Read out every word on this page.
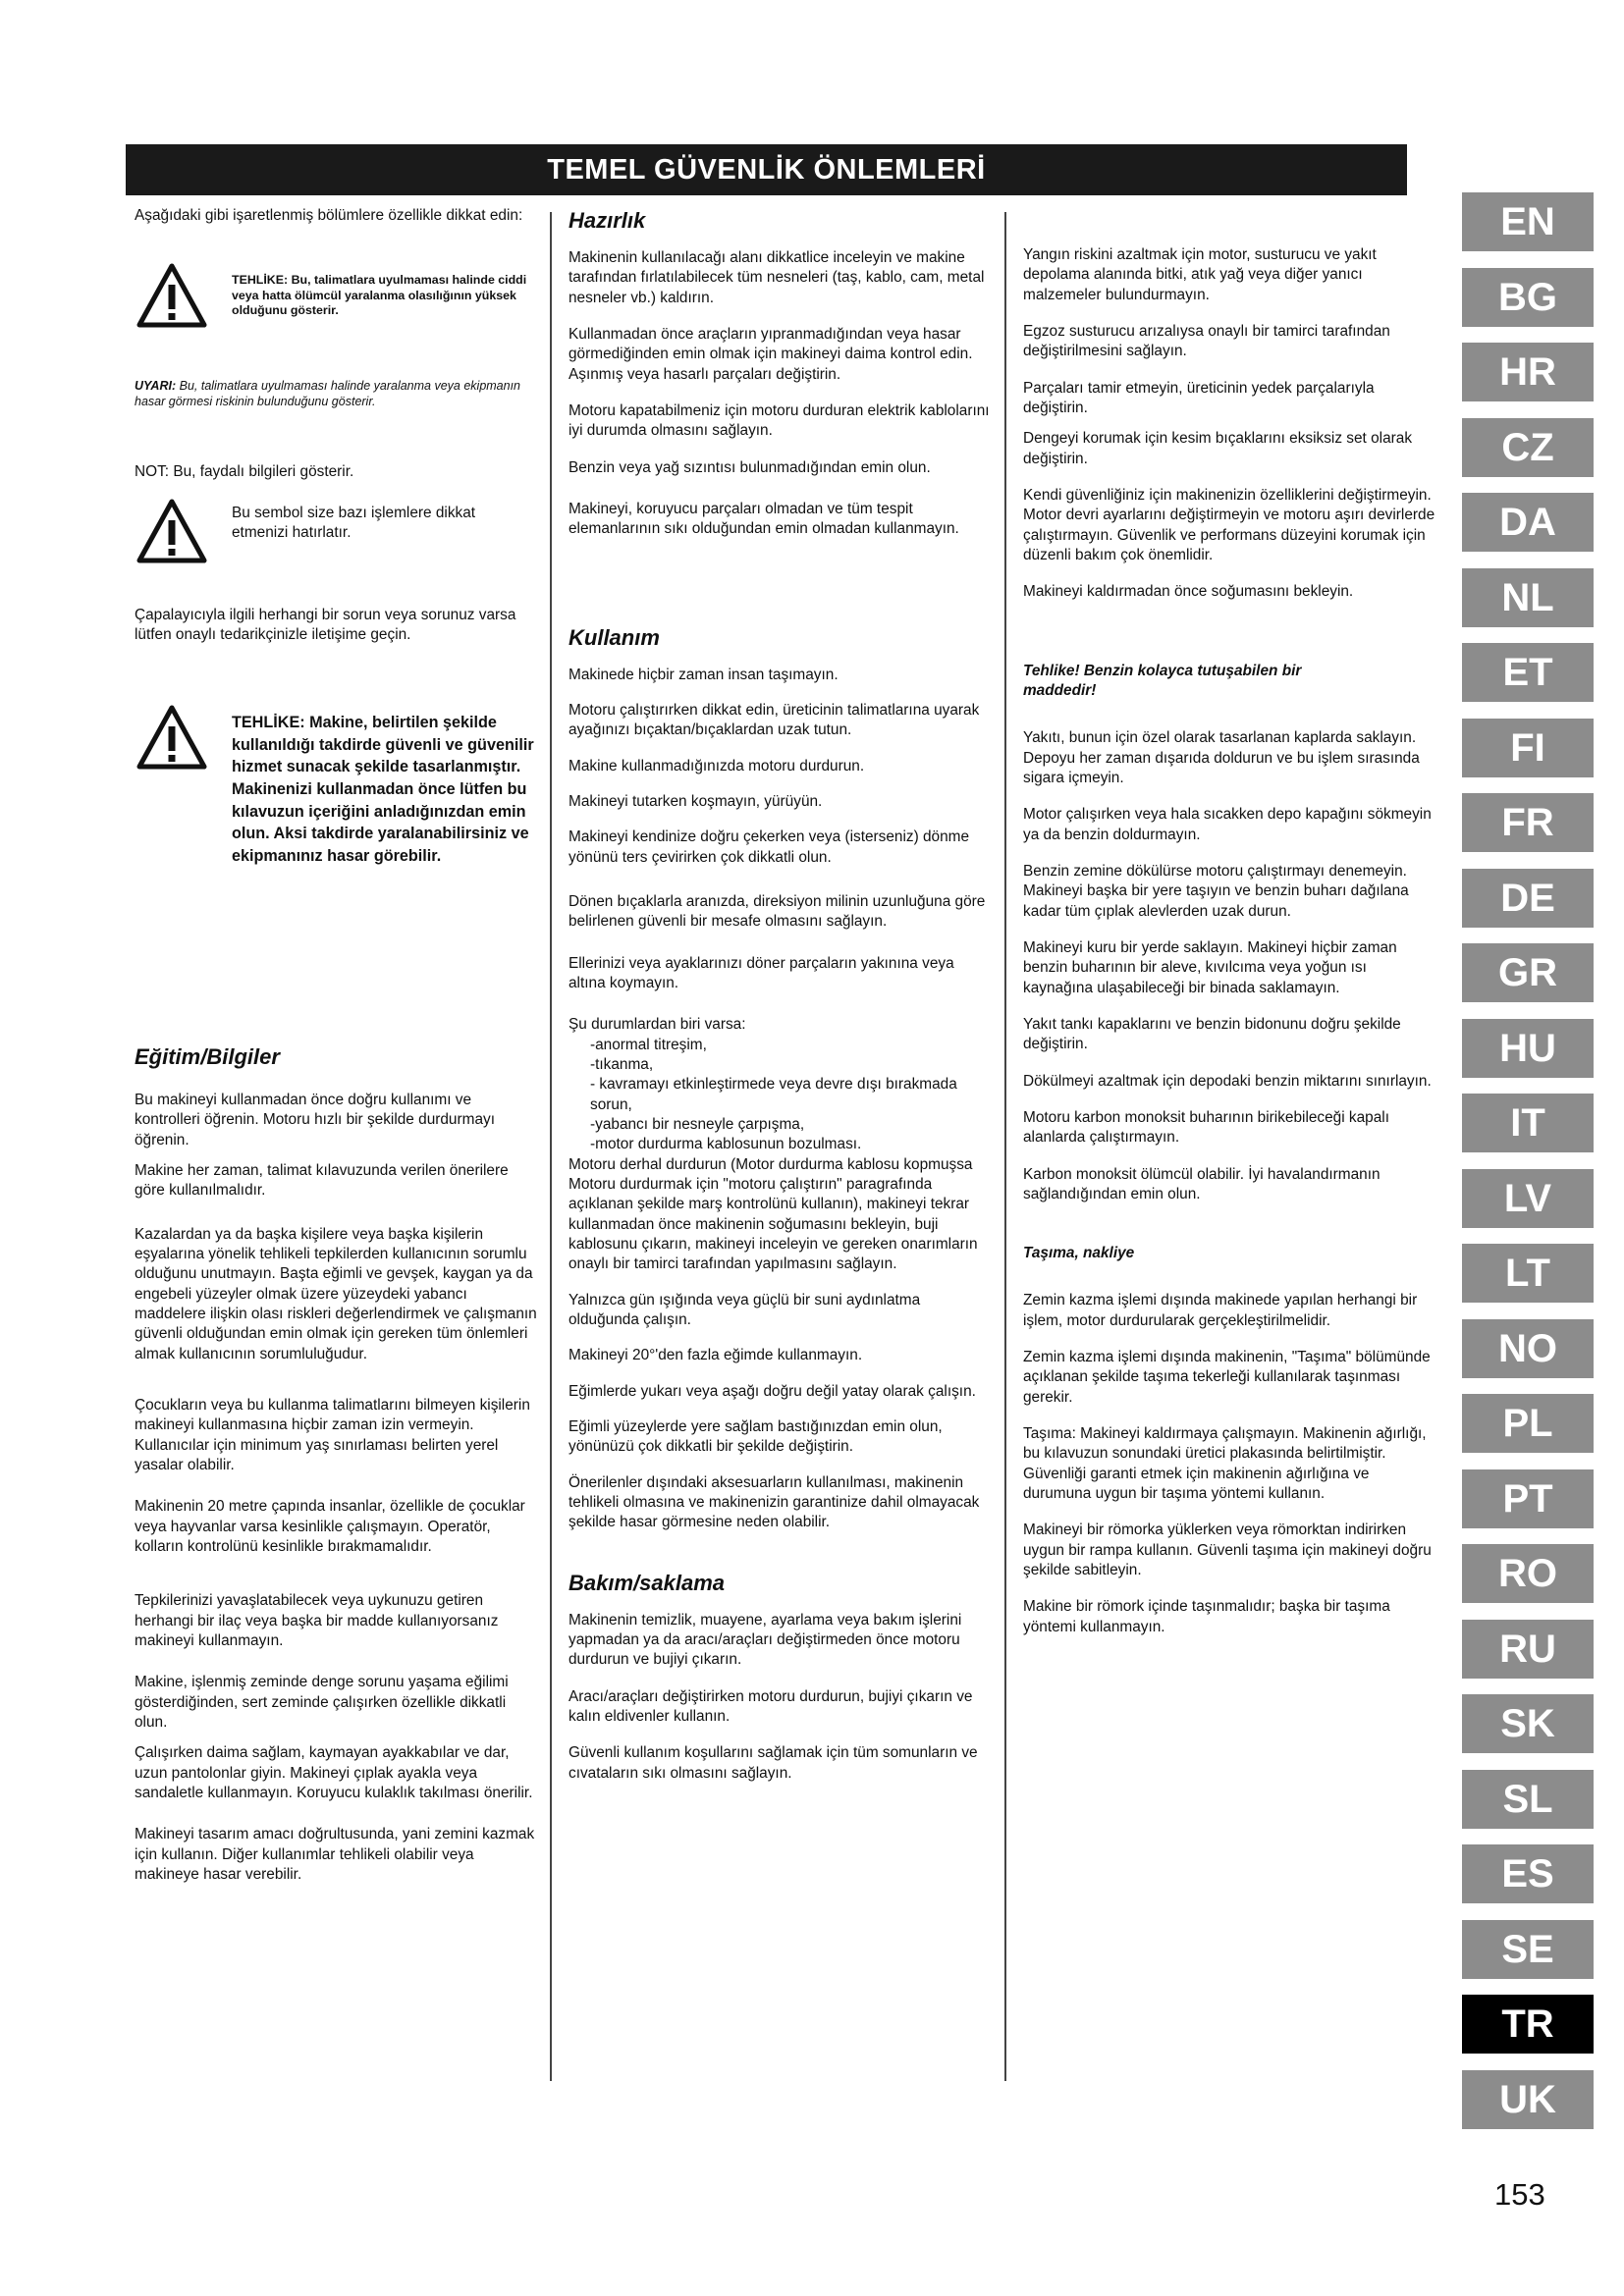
TEMEL GÜVENLİK ÖNLEMLERİ

Aşağıdaki gibi işaretlenmiş bölümlere özellikle dikkat edin:

TEHLİKE: Bu, talimatlara uyulmaması halinde ciddi veya hatta ölümcül yaralanma olasılığının yüksek olduğunu gösterir.
UYARI: Bu, talimatlara uyulmaması halinde yaralanma veya ekipmanın hasar görmesi riskinin bulunduğunu gösterir.
NOT: Bu, faydalı bilgileri gösterir.
Bu sembol size bazı işlemlere dikkat etmenizi hatırlatır.
Çapalayıcıyla ilgili herhangi bir sorun veya sorunuz varsa lütfen onaylı tedarikçinizle iletişime geçin.
TEHLİKE: Makine, belirtilen şekilde kullanıldığı takdirde güvenli ve güvenilir hizmet sunacak şekilde tasarlanmıştır. Makinenizi kullanmadan önce lütfen bu kılavuzun içeriğini anladığınızdan emin olun. Aksi takdirde yaralanabilirsiniz ve ekipmanınız hasar görebilir.

Eğitim/Bilgiler

Bu makineyi kullanmadan önce doğru kullanımı ve kontrolleri öğrenin. Motoru hızlı bir şekilde durdurmayı öğrenin.

Makine her zaman, talimat kılavuzunda verilen önerilere göre kullanılmalıdır.

Kazalardan ya da başka kişilere veya başka kişilerin eşyalarına yönelik tehlikeli tepkilerden kullanıcının sorumlu olduğunu unutmayın. Başta eğimli ve gevşek, kaygan ya da engebeli yüzeyler olmak üzere yüzeydeki yabancı maddelere ilişkin olası riskleri değerlendirmek ve çalışmanın güvenli olduğundan emin olmak için gereken tüm önlemleri almak kullanıcının sorumluluğudur.

Çocukların veya bu kullanma talimatlarını bilmeyen kişilerin makineyi kullanmasına hiçbir zaman izin vermeyin. Kullanıcılar için minimum yaş sınırlaması belirten yerel yasalar olabilir.

Makinenin 20 metre çapında insanlar, özellikle de çocuklar veya hayvanlar varsa kesinlikle çalışmayın. Operatör, kolların kontrolünü kesinlikle bırakmamalıdır.

Tepkilerinizi yavaşlatabilecek veya uykunuzu getiren herhangi bir ilaç veya başka bir madde kullanıyorsanız makineyi kullanmayın.

Makine, işlenmiş zeminde denge sorunu yaşama eğilimi gösterdiğinden, sert zeminde çalışırken özellikle dikkatli olun.

Çalışırken daima sağlam, kaymayan ayakkabılar ve dar, uzun pantolonlar giyin. Makineyi çıplak ayakla veya sandaletle kullanmayın. Koruyucu kulaklık takılması önerilir.

Makineyi tasarım amacı doğrultusunda, yani zemini kazmak için kullanın. Diğer kullanımlar tehlikeli olabilir veya makineye hasar verebilir.

Hazırlık

Makinenin kullanılacağı alanı dikkatlice inceleyin ve makine tarafından fırlatılabilecek tüm nesneleri (taş, kablo, cam, metal nesneler vb.) kaldırın.

Kullanmadan önce araçların yıpranmadığından veya hasar görmediğinden emin olmak için makineyi daima kontrol edin. Aşınmış veya hasarlı parçaları değiştirin.

Motoru kapatabilmeniz için motoru durduran elektrik kablolarını iyi durumda olmasını sağlayın.

Benzin veya yağ sızıntısı bulunmadığından emin olun.

Makineyi, koruyucu parçaları olmadan ve tüm tespit elemanlarının sıkı olduğundan emin olmadan kullanmayın.

Kullanım

Makinede hiçbir zaman insan taşımayın.

Motoru çalıştırırken dikkat edin, üreticinin talimatlarına uyarak ayağınızı bıçaktan/bıçaklardan uzak tutun.

Makine kullanmadığınızda motoru durdurun.

Makineyi tutarken koşmayın, yürüyün.

Makineyi kendinize doğru çekerken veya (isterseniz) dönme yönünü ters çevirirken çok dikkatli olun.

Dönen bıçaklarla aranızda, direksiyon milinin uzunluğuna göre belirlenen güvenli bir mesafe olmasını sağlayın.

Ellerinizi veya ayaklarınızı döner parçaların yakınına veya altına koymayın.

Şu durumlardan biri varsa:

-anormal titreşim,
-tıkanma,
- kavramayı etkinleştirmede veya devre dışı bırakmada sorun,
-yabancı bir nesneyle çarpışma,
-motor durdurma kablosunun bozulması.

Motoru derhal durdurun (Motor durdurma kablosu kopmuşsa Motoru durdurmak için "motoru çalıştırın" paragrafında açıklanan şekilde marş kontrolünü kullanın), makineyi tekrar kullanmadan önce makinenin soğumasını bekleyin, buji kablosunu çıkarın, makineyi inceleyin ve gereken onarımların onaylı bir tamirci tarafından yapılmasını sağlayın.

Yalnızca gün ışığında veya güçlü bir suni aydınlatma olduğunda çalışın.

Makineyi 20°'den fazla eğimde kullanmayın.

Eğimlerde yukarı veya aşağı doğru değil yatay olarak çalışın.

Eğimli yüzeylerde yere sağlam bastığınızdan emin olun, yönünüzü çok dikkatli bir şekilde değiştirin.

Önerilenler dışındaki aksesuarların kullanılması, makinenin tehlikeli olmasına ve makinenizin garantinize dahil olmayacak şekilde hasar görmesine neden olabilir.

Bakım/saklama

Makinenin temizlik, muayene, ayarlama veya bakım işlerini yapmadan ya da aracı/araçları değiştirmeden önce motoru durdurun ve bujiyi çıkarın.

Aracı/araçları değiştirirken motoru durdurun, bujiyi çıkarın ve kalın eldivenler kullanın.

Güvenli kullanım koşullarını sağlamak için tüm somunların ve cıvataların sıkı olmasını sağlayın.

Yangın riskini azaltmak için motor, susturucu ve yakıt depolama alanında bitki, atık yağ veya diğer yanıcı malzemeler bulundurmayın.

Egzoz susturucu arızalıysa onaylı bir tamirci tarafından değiştirilmesini sağlayın.

Parçaları tamir etmeyin, üreticinin yedek parçalarıyla değiştirin.

Dengeyi korumak için kesim bıçaklarını eksiksiz set olarak değiştirin.

Kendi güvenliğiniz için makinenizin özelliklerini değiştirmeyin. Motor devri ayarlarını değiştirmeyin ve motoru aşırı devirlerde çalıştırmayın. Güvenlik ve performans düzeyini korumak için düzenli bakım çok önemlidir.

Makineyi kaldırmadan önce soğumasını bekleyin.

Tehlike! Benzin kolayca tutuşabilen bir maddedir!

Yakıtı, bunun için özel olarak tasarlanan kaplarda saklayın. Depoyu her zaman dışarıda doldurun ve bu işlem sırasında sigara içmeyin.

Motor çalışırken veya hala sıcakken depo kapağını sökmeyin ya da benzin doldurmayın.

Benzin zemine dökülürse motoru çalıştırmayı denemeyin. Makineyi başka bir yere taşıyın ve benzin buharı dağılana kadar tüm çıplak alevlerden uzak durun.

Makineyi kuru bir yerde saklayın. Makineyi hiçbir zaman benzin buharının bir aleve, kıvılcıma veya yoğun ısı kaynağına ulaşabileceği bir binada saklamayın.

Yakıt tankı kapaklarını ve benzin bidonunu doğru şekilde değiştirin.

Dökülmeyi azaltmak için depodaki benzin miktarını sınırlayın.

Motoru karbon monoksit buharının birikebileceği kapalı alanlarda çalıştırmayın.

Karbon monoksit ölümcül olabilir. İyi havalandırmanın sağlandığından emin olun.

Taşıma, nakliye

Zemin kazma işlemi dışında makinede yapılan herhangi bir işlem, motor durdurularak gerçekleştirilmelidir.

Zemin kazma işlemi dışında makinenin, "Taşıma" bölümünde açıklanan şekilde taşıma tekerleği kullanılarak taşınması gerekir.

Taşıma: Makineyi kaldırmaya çalışmayın. Makinenin ağırlığı, bu kılavuzun sonundaki üretici plakasında belirtilmiştir. Güvenliği garanti etmek için makinenin ağırlığına ve durumuna uygun bir taşıma yöntemi kullanın.

Makineyi bir römorka yüklerken veya römorktan indirirken uygun bir rampa kullanın. Güvenli taşıma için makineyi doğru şekilde sabitleyin.

Makine bir römork içinde taşınmalıdır; başka bir taşıma yöntemi kullanmayın.

EN
BG
HR
CZ
DA
NL
ET
FI
FR
DE
GR
HU
IT
LV
LT
NO
PL
PT
RO
RU
SK
SL
ES
SE
TR
UK
153
